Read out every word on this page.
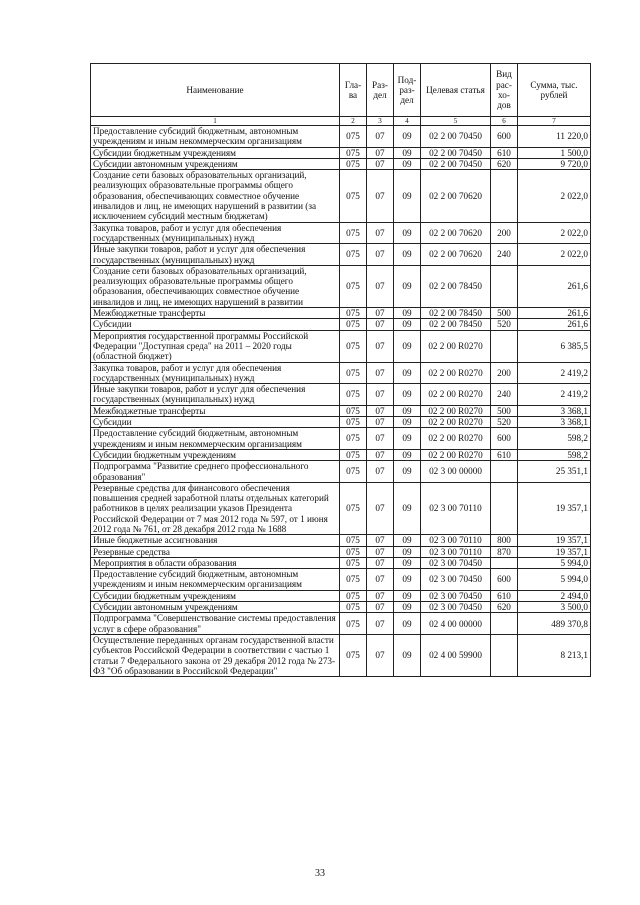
Наименование	Гла-ва	Раз-дел	Под-раз-дел	Целевая статья	Вид рас-хо-дов	Сумма, тыс. рублей
1	2	3	4	5	6	7
Предоставление субсидий бюджетным, автономным учреждениям и иным некоммерческим организациям	075	07	09	02 2 00 70450	600	11 220,0
Субсидии бюджетным учреждениям	075	07	09	02 2 00 70450	610	1 500,0
Субсидии автономным учреждениям	075	07	09	02 2 00 70450	620	9 720,0
Создание сети базовых образовательных организаций, реализующих образовательные программы общего образования, обеспечивающих совместное обучение инвалидов и лиц, не имеющих нарушений в развитии (за исключением субсидий местным бюджетам)	075	07	09	02 2 00 70620		2 022,0
Закупка товаров, работ и услуг для обеспечения государственных (муниципальных) нужд	075	07	09	02 2 00 70620	200	2 022,0
Иные закупки товаров, работ и услуг для обеспечения государственных (муниципальных) нужд	075	07	09	02 2 00 70620	240	2 022,0
Создание сети базовых образовательных организаций, реализующих образовательные программы общего образования, обеспечивающих совместное обучение инвалидов и лиц, не имеющих нарушений в развитии	075	07	09	02 2 00 78450		261,6
Межбюджетные трансферты	075	07	09	02 2 00 78450	500	261,6
Субсидии	075	07	09	02 2 00 78450	520	261,6
Мероприятия государственной программы Российской Федерации "Доступная среда" на 2011 – 2020 годы (областной бюджет)	075	07	09	02 2 00 R0270		6 385,5
Закупка товаров, работ и услуг для обеспечения государственных (муниципальных) нужд	075	07	09	02 2 00 R0270	200	2 419,2
Иные закупки товаров, работ и услуг для обеспечения государственных (муниципальных) нужд	075	07	09	02 2 00 R0270	240	2 419,2
Межбюджетные трансферты	075	07	09	02 2 00 R0270	500	3 368,1
Субсидии	075	07	09	02 2 00 R0270	520	3 368,1
Предоставление субсидий бюджетным, автономным учреждениям и иным некоммерческим организациям	075	07	09	02 2 00 R0270	600	598,2
Субсидии бюджетным учреждениям	075	07	09	02 2 00 R0270	610	598,2
Подпрограмма "Развитие среднего профессионального образования"	075	07	09	02 3 00 00000		25 351,1
Резервные средства для финансового обеспечения повышения средней заработной платы отдельных категорий работников в целях реализации указов Президента Российской Федерации от 7 мая 2012 года № 597, от 1 июня 2012 года № 761, от 28 декабря 2012 года № 1688	075	07	09	02 3 00 70110		19 357,1
Иные бюджетные ассигнования	075	07	09	02 3 00 70110	800	19 357,1
Резервные средства	075	07	09	02 3 00 70110	870	19 357,1
Мероприятия в области образования	075	07	09	02 3 00 70450		5 994,0
Предоставление субсидий бюджетным, автономным учреждениям и иным некоммерческим организациям	075	07	09	02 3 00 70450	600	5 994,0
Субсидии бюджетным учреждениям	075	07	09	02 3 00 70450	610	2 494,0
Субсидии автономным учреждениям	075	07	09	02 3 00 70450	620	3 500,0
Подпрограмма "Совершенствование системы предоставления услуг в сфере образования"	075	07	09	02 4 00 00000		489 370,8
Осуществление переданных органам государственной власти субъектов Российской Федерации в соответствии с частью 1 статьи 7 Федерального закона от 29 декабря 2012 года № 273-ФЗ "Об образовании в Российской Федерации"	075	07	09	02 4 00 59900		8 213,1
33
